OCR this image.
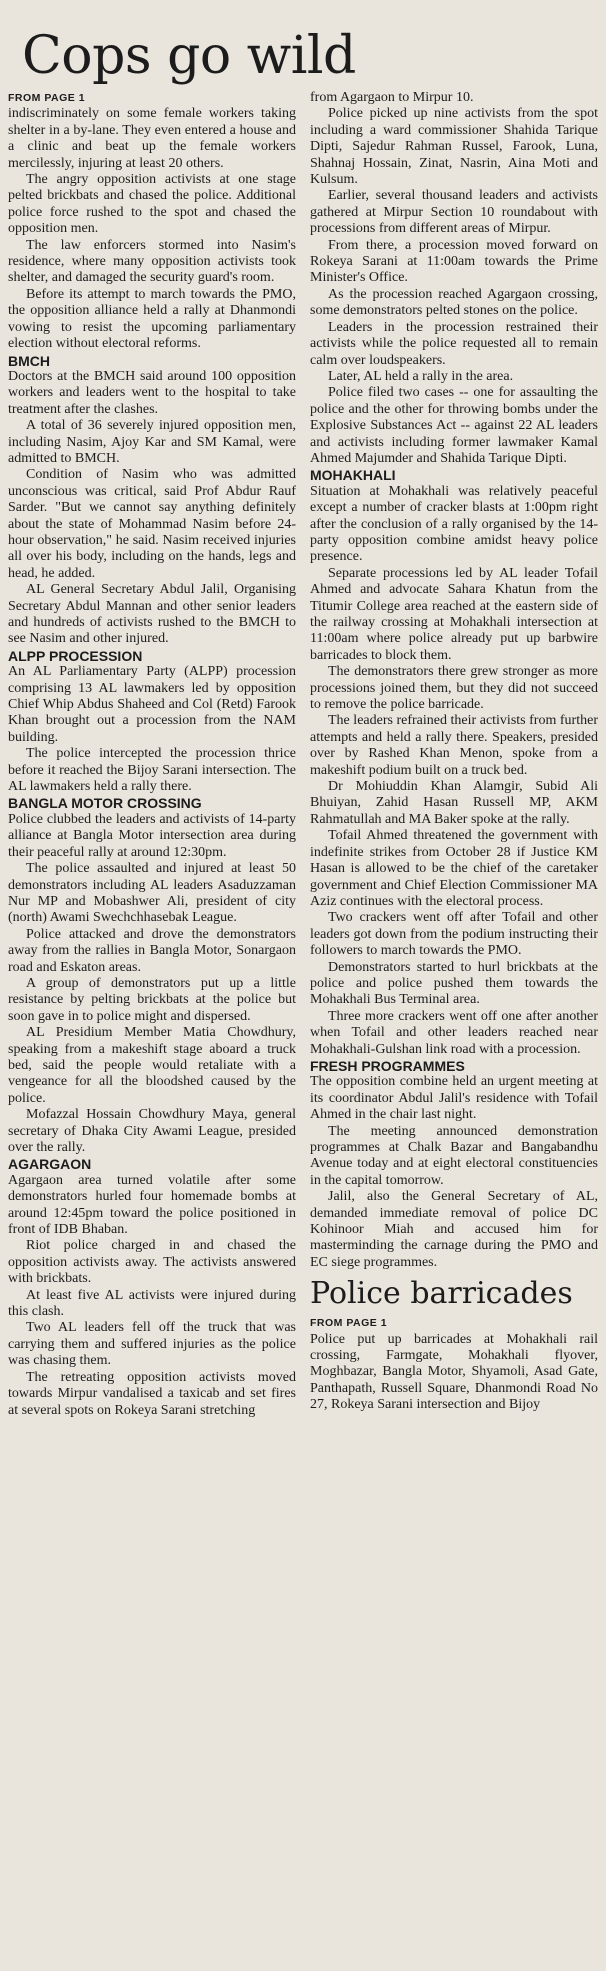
Cops go wild
FROM PAGE 1

indiscriminately on some female workers taking shelter in a by-lane. They even entered a house and a clinic and beat up the female workers mercilessly, injuring at least 20 others.

The angry opposition activists at one stage pelted brickbats and chased the police. Additional police force rushed to the spot and chased the opposition men.

The law enforcers stormed into Nasim's residence, where many opposition activists took shelter, and damaged the security guard's room.

Before its attempt to march towards the PMO, the opposition alliance held a rally at Dhanmondi vowing to resist the upcoming parliamentary election without electoral reforms.

BMCH

Doctors at the BMCH said around 100 opposition workers and leaders went to the hospital to take treatment after the clashes.

A total of 36 severely injured opposition men, including Nasim, Ajoy Kar and SM Kamal, were admitted to BMCH.

Condition of Nasim who was admitted unconscious was critical, said Prof Abdur Rauf Sarder. "But we cannot say anything definitely about the state of Mohammad Nasim before 24-hour observation," he said. Nasim received injuries all over his body, including on the hands, legs and head, he added.

AL General Secretary Abdul Jalil, Organising Secretary Abdul Mannan and other senior leaders and hundreds of activists rushed to the BMCH to see Nasim and other injured.

ALPP PROCESSION

An AL Parliamentary Party (ALPP) procession comprising 13 AL lawmakers led by opposition Chief Whip Abdus Shaheed and Col (Retd) Farook Khan brought out a procession from the NAM building.

The police intercepted the procession thrice before it reached the Bijoy Sarani intersection. The AL lawmakers held a rally there.

BANGLA MOTOR CROSSING

Police clubbed the leaders and activists of 14-party alliance at Bangla Motor intersection area during their peaceful rally at around 12:30pm.

The police assaulted and injured at least 50 demonstrators including AL leaders Asaduzzaman Nur MP and Mobashwer Ali, president of city (north) Awami Swechchhasebak League.

Police attacked and drove the demonstrators away from the rallies in Bangla Motor, Sonargaon road and Eskaton areas.

A group of demonstrators put up a little resistance by pelting brickbats at the police but soon gave in to police might and dispersed.

AL Presidium Member Matia Chowdhury, speaking from a makeshift stage aboard a truck bed, said the people would retaliate with a vengeance for all the bloodshed caused by the police.

Mofazzal Hossain Chowdhury Maya, general secretary of Dhaka City Awami League, presided over the rally.

AGARGAON

Agargaon area turned volatile after some demonstrators hurled four homemade bombs at around 12:45pm toward the police positioned in front of IDB Bhaban.

Riot police charged in and chased the opposition activists away. The activists answered with brickbats.

At least five AL activists were injured during this clash.

Two AL leaders fell off the truck that was carrying them and suffered injuries as the police was chasing them.

The retreating opposition activists moved towards Mirpur vandalised a taxicab and set fires at several spots on Rokeya Sarani stretching

from Agargaon to Mirpur 10.

Police picked up nine activists from the spot including a ward commissioner Shahida Tarique Dipti, Sajedur Rahman Russel, Farook, Luna, Shahnaj Hossain, Zinat, Nasrin, Aina Moti and Kulsum.

Earlier, several thousand leaders and activists gathered at Mirpur Section 10 roundabout with processions from different areas of Mirpur.

From there, a procession moved forward on Rokeya Sarani at 11:00am towards the Prime Minister's Office.

As the procession reached Agargaon crossing, some demonstrators pelted stones on the police.

Leaders in the procession restrained their activists while the police requested all to remain calm over loudspeakers.

Later, AL held a rally in the area.

Police filed two cases -- one for assaulting the police and the other for throwing bombs under the Explosive Substances Act -- against 22 AL leaders and activists including former lawmaker Kamal Ahmed Majumder and Shahida Tarique Dipti.

MOHAKHALI

Situation at Mohakhali was relatively peaceful except a number of cracker blasts at 1:00pm right after the conclusion of a rally organised by the 14-party opposition combine amidst heavy police presence.

Separate processions led by AL leader Tofail Ahmed and advocate Sahara Khatun from the Titumir College area reached at the eastern side of the railway crossing at Mohakhali intersection at 11:00am where police already put up barbwire barricades to block them.

The demonstrators there grew stronger as more processions joined them, but they did not succeed to remove the police barricade.

The leaders refrained their activists from further attempts and held a rally there. Speakers, presided over by Rashed Khan Menon, spoke from a makeshift podium built on a truck bed.

Dr Mohiuddin Khan Alamgir, Subid Ali Bhuiyan, Zahid Hasan Russell MP, AKM Rahmatullah and MA Baker spoke at the rally.

Tofail Ahmed threatened the government with indefinite strikes from October 28 if Justice KM Hasan is allowed to be the chief of the caretaker government and Chief Election Commissioner MA Aziz continues with the electoral process.

Two crackers went off after Tofail and other leaders got down from the podium instructing their followers to march towards the PMO.

Demonstrators started to hurl brickbats at the police and police pushed them towards the Mohakhali Bus Terminal area.

Three more crackers went off one after another when Tofail and other leaders reached near Mohakhali-Gulshan link road with a procession.

FRESH PROGRAMMES

The opposition combine held an urgent meeting at its coordinator Abdul Jalil's residence with Tofail Ahmed in the chair last night.

The meeting announced demonstration programmes at Chalk Bazar and Bangabandhu Avenue today and at eight electoral constituencies in the capital tomorrow.

Jalil, also the General Secretary of AL, demanded immediate removal of police DC Kohinoor Miah and accused him for masterminding the carnage during the PMO and EC siege programmes.

Police barricades
FROM PAGE 1

Police put up barricades at Mohakhali rail crossing, Farmgate, Mohakhali flyover, Moghbazar, Bangla Motor, Shyamoli, Asad Gate, Panthapath, Russell Square, Dhanmondi Road No 27, Rokeya Sarani intersection and Bijoy
